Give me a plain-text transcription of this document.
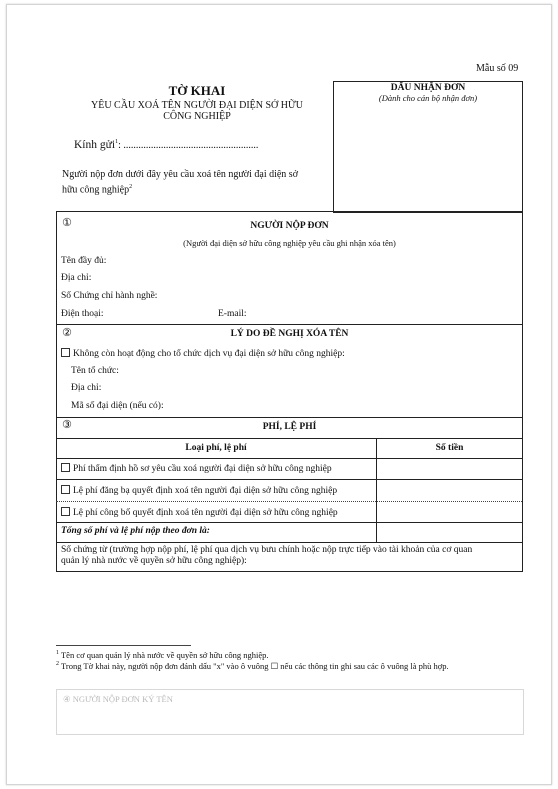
Mẫu số 09
TỜ KHAI
YÊU CẦU XOÁ TÊN NGƯỜI ĐẠI DIỆN SỞ HỮU
CÔNG NGHIỆP
Kính gửi$^1$: ......................................................
Người nộp đơn dưới đây yêu cầu xoá tên người đại diện sở
hữu công nghiệp$^2$
DẤU NHẬN ĐƠN
(Dành cho cán bộ nhận đơn)
①	NGƯỜI NỘP ĐƠN
(Người đại diện sở hữu công nghiệp yêu cầu ghi nhận xóa tên)
Tên đầy đủ:
Địa chỉ:
Số Chứng chỉ hành nghề:
Điện thoại:	E-mail:
②	LÝ DO ĐỀ NGHỊ XÓA TÊN
Không còn hoạt động cho tổ chức dịch vụ đại diện sở hữu công nghiệp:
Tên tổ chức:
Địa chỉ:
Mã số đại diện (nếu có):
③	PHÍ, LỆ PHÍ
Loại phí, lệ phí	Số tiền
Phí thẩm định hồ sơ yêu cầu xoá người đại diện sở hữu công nghiệp
Lệ phí đăng bạ quyết định xoá tên người đại diện sở hữu công nghiệp
Lệ phí công bố quyết định xoá tên người đại diện sở hữu công nghiệp
Tổng số phí và lệ phí nộp theo đơn là:
Số chứng từ (trường hợp nộp phí, lệ phí qua dịch vụ bưu chính hoặc nộp trực tiếp vào tài khoản của cơ quan
quản lý nhà nước về quyền sở hữu công nghiệp):
$^1$ Tên cơ quan quản lý nhà nước về quyền sở hữu công nghiệp.
$^2$ Trong Tờ khai này, người nộp đơn đánh dấu "x" vào ô vuông ☐ nếu các thông tin ghi sau các ô vuông là phù hợp.
④ NGƯỜI NỘP ĐƠN KÝ TÊN
